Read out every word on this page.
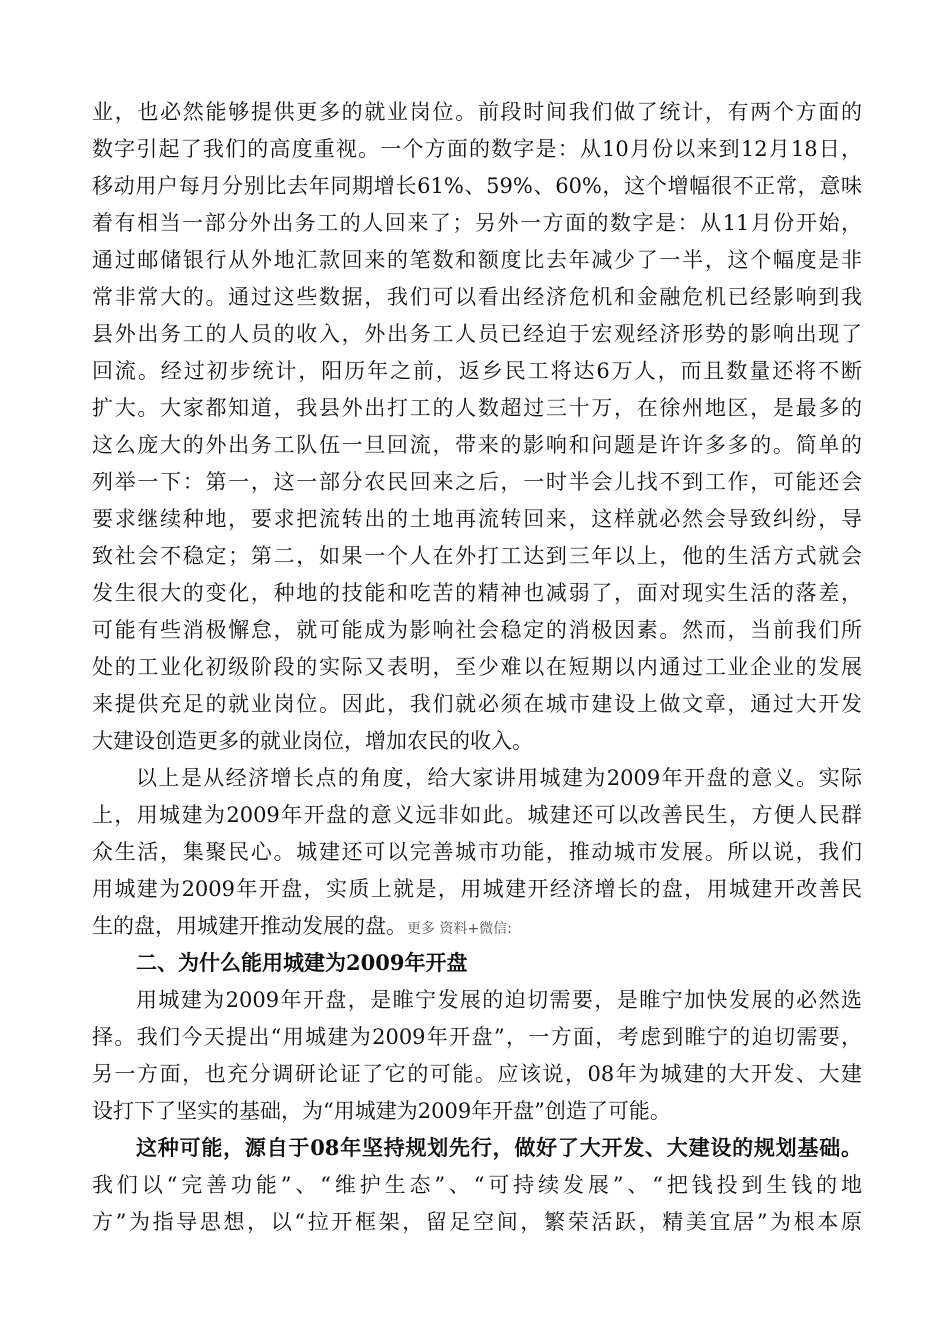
业，也必然能够提供更多的就业岗位。前段时间我们做了统计，有两个方面的
数字引起了我们的高度重视。一个方面的数字是：从10月份以来到12月18日，
移动用户每月分别比去年同期增长61%、59%、60%，这个增幅很不正常，意味
着有相当一部分外出务工的人回来了；另外一方面的数字是：从11月份开始，
通过邮储银行从外地汇款回来的笔数和额度比去年减少了一半，这个幅度是非
常非常大的。通过这些数据，我们可以看出经济危机和金融危机已经影响到我
县外出务工的人员的收入，外出务工人员已经迫于宏观经济形势的影响出现了
回流。经过初步统计，阳历年之前，返乡民工将达6万人，而且数量还将不断
扩大。大家都知道，我县外出打工的人数超过三十万，在徐州地区，是最多的
这么庞大的外出务工队伍一旦回流，带来的影响和问题是许许多多的。简单的
列举一下：第一，这一部分农民回来之后，一时半会儿找不到工作，可能还会
要求继续种地，要求把流转出的土地再流转回来，这样就必然会导致纠纷，导
致社会不稳定；第二，如果一个人在外打工达到三年以上，他的生活方式就会
发生很大的变化，种地的技能和吃苦的精神也减弱了，面对现实生活的落差，
可能有些消极懈怠，就可能成为影响社会稳定的消极因素。然而，当前我们所
处的工业化初级阶段的实际又表明，至少难以在短期以内通过工业企业的发展
来提供充足的就业岗位。因此，我们就必须在城市建设上做文章，通过大开发
大建设创造更多的就业岗位，增加农民的收入。
以上是从经济增长点的角度，给大家讲用城建为2009年开盘的意义。实际
上，用城建为2009年开盘的意义远非如此。城建还可以改善民生，方便人民群
众生活，集聚民心。城建还可以完善城市功能，推动城市发展。所以说，我们
用城建为2009年开盘，实质上就是，用城建开经济增长的盘，用城建开改善民
生的盘，用城建开推动发展的盘。更多 资料+微信:
二、为什么能用城建为2009年开盘
用城建为2009年开盘，是睢宁发展的迫切需要，是睢宁加快发展的必然选
择。我们今天提出“用城建为2009年开盘”，一方面，考虑到睢宁的迫切需要，
另一方面，也充分调研论证了它的可能。应该说，08年为城建的大开发、大建
设打下了坚实的基础，为“用城建为2009年开盘”创造了可能。
这种可能，源自于08年坚持规划先行，做好了大开发、大建设的规划基础。
我们以“完善功能”、“维护生态”、“可持续发展”、“把钱投到生钱的地
方”为指导思想，以“拉开框架，留足空间，繁荣活跃，精美宜居”为根本原
